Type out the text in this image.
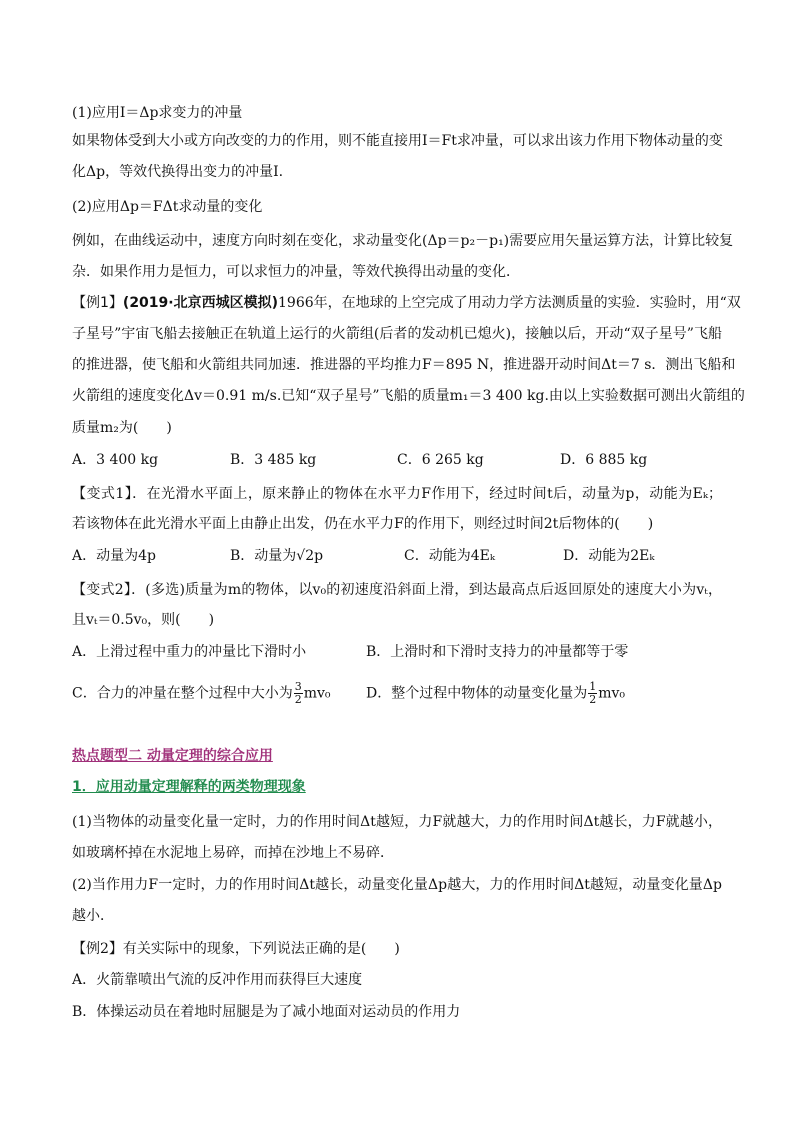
(1)应用I＝Δp求变力的冲量

如果物体受到大小或方向改变的力的作用，则不能直接用I＝Ft求冲量，可以求出该力作用下物体动量的变

化Δp，等效代换得出变力的冲量I.

(2)应用Δp＝FΔt求动量的变化

例如，在曲线运动中，速度方向时刻在变化，求动量变化(Δp＝p₂－p₁)需要应用矢量运算方法，计算比较复

杂．如果作用力是恒力，可以求恒力的冲量，等效代换得出动量的变化．

【例1】(2019·北京西城区模拟)1966年，在地球的上空完成了用动力学方法测质量的实验．实验时，用“双

子星号”宇宙飞船去接触正在轨道上运行的火箭组(后者的发动机已熄火)，接触以后，开动“双子星号”飞船

的推进器，使飞船和火箭组共同加速．推进器的平均推力F＝895 N，推进器开动时间Δt＝7 s．测出飞船和

火箭组的速度变化Δv＝0.91 m/s.已知“双子星号”飞船的质量m₁＝3 400 kg.由以上实验数据可测出火箭组的

质量m₂为(　　)

A．3 400 kg	B．3 485 kg	C．6 265 kg	D．6 885 kg

【变式1】．在光滑水平面上，原来静止的物体在水平力F作用下，经过时间t后，动量为p，动能为Eₖ；

若该物体在此光滑水平面上由静止出发，仍在水平力F的作用下，则经过时间2t后物体的(　　)

A．动量为4p	B．动量为√2p	C．动能为4Eₖ	D．动能为2Eₖ

【变式2】．(多选)质量为m的物体，以v₀的初速度沿斜面上滑，到达最高点后返回原处的速度大小为vₜ，

且vₜ＝0.5v₀，则(　　)

A．上滑过程中重力的冲量比下滑时小	B．上滑时和下滑时支持力的冲量都等于零
C．合力的冲量在整个过程中大小为 $\frac{3}{2} mv_0$	D．整个过程中物体的动量变化量为 $\frac{1}{2} mv_0$

热点题型二 动量定理的综合应用

1．应用动量定理解释的两类物理现象

(1)当物体的动量变化量一定时，力的作用时间Δt越短，力F就越大，力的作用时间Δt越长，力F就越小，

如玻璃杯掉在水泥地上易碎，而掉在沙地上不易碎．

(2)当作用力F一定时，力的作用时间Δt越长，动量变化量Δp越大，力的作用时间Δt越短，动量变化量Δp

越小．

【例2】有关实际中的现象，下列说法正确的是(　　)

A．火箭靠喷出气流的反冲作用而获得巨大速度

B．体操运动员在着地时屈腿是为了减小地面对运动员的作用力
